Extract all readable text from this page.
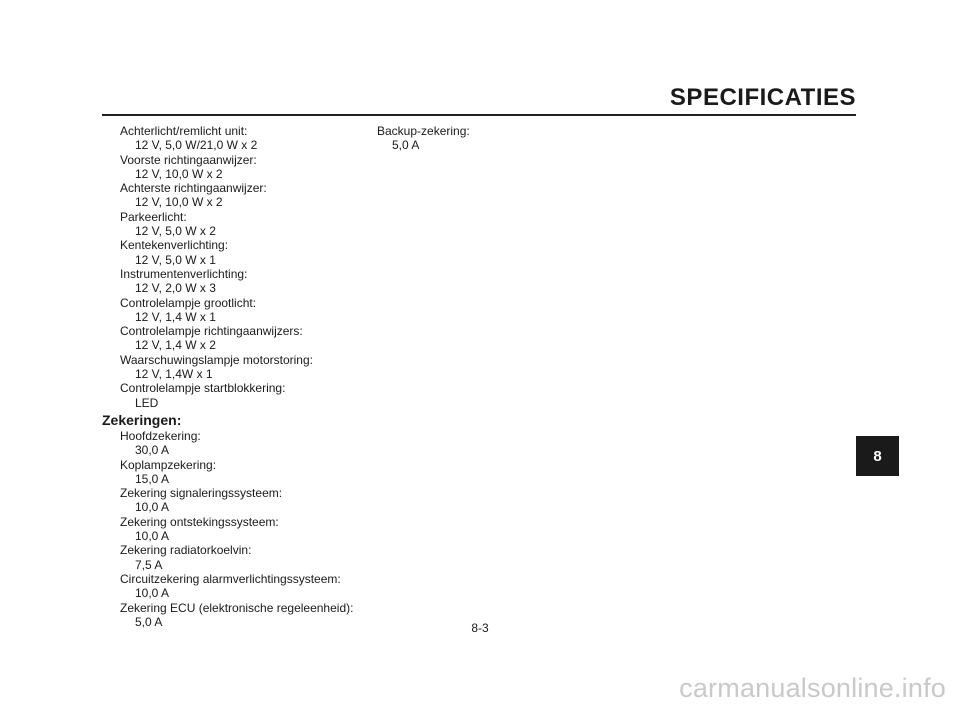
SPECIFICATIES
Achterlicht/remlicht unit:
12 V, 5,0 W/21,0 W x 2
Voorste richtingaanwijzer:
12 V, 10,0 W x 2
Achterste richtingaanwijzer:
12 V, 10,0 W x 2
Parkeerlicht:
12 V, 5,0 W x 2
Kentekenverlichting:
12 V, 5,0 W x 1
Instrumentenverlichting:
12 V, 2,0 W x 3
Controlelampje grootlicht:
12 V, 1,4 W x 1
Controlelampje richtingaanwijzers:
12 V, 1,4 W x 2
Waarschuwingslampje motorstoring:
12 V, 1,4W x 1
Controlelampje startblokkering:
LED
Zekeringen:
Hoofdzekering:
30,0 A
Koplampzekering:
15,0 A
Zekering signaleringssysteem:
10,0 A
Zekering ontstekingssysteem:
10,0 A
Zekering radiatorkoelvin:
7,5 A
Circuitzekering alarmverlichtingssysteem:
10,0 A
Zekering ECU (elektronische regeleenheid):
5,0 A
Backup-zekering:
5,0 A
8
8-3
carmanualsonline.info
